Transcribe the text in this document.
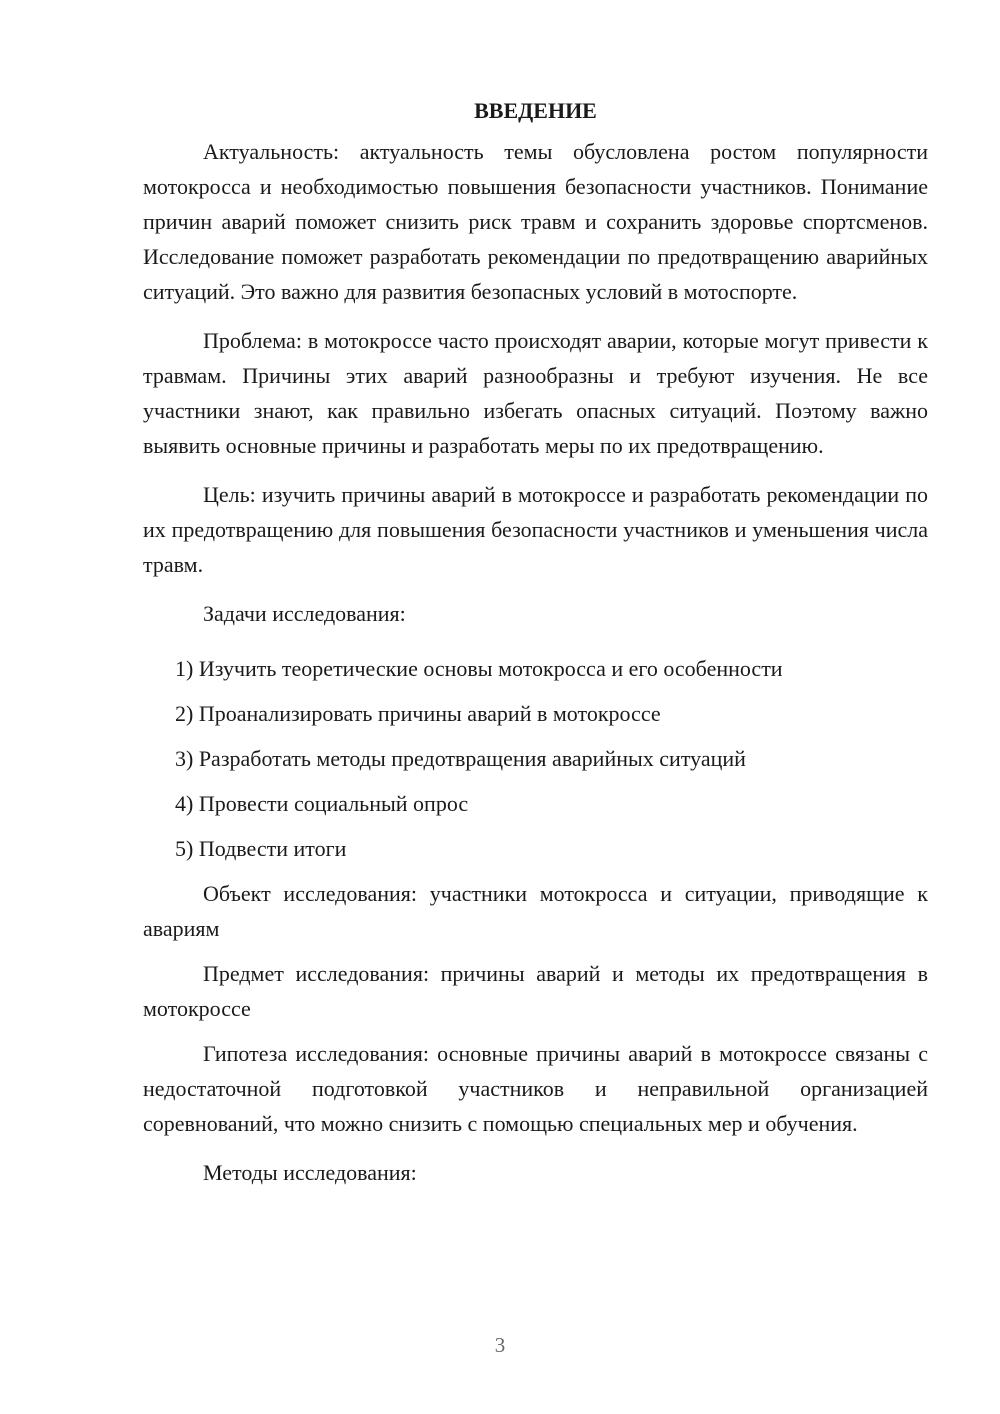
ВВЕДЕНИЕ

Актуальность: актуальность темы обусловлена ростом популярности мотокросса и необходимостью повышения безопасности участников. Понимание причин аварий поможет снизить риск травм и сохранить здоровье спортсменов. Исследование поможет разработать рекомендации по предотвращению аварийных ситуаций. Это важно для развития безопасных условий в мотоспорте.

Проблема: в мотокроссе часто происходят аварии, которые могут привести к травмам. Причины этих аварий разнообразны и требуют изучения. Не все участники знают, как правильно избегать опасных ситуаций. Поэтому важно выявить основные причины и разработать меры по их предотвращению.

Цель: изучить причины аварий в мотокроссе и разработать рекомендации по их предотвращению для повышения безопасности участников и уменьшения числа травм.

Задачи исследования:

1) Изучить теоретические основы мотокросса и его особенности
2) Проанализировать причины аварий в мотокроссе
3) Разработать методы предотвращения аварийных ситуаций
4) Провести социальный опрос
5) Подвести итоги

Объект исследования: участники мотокросса и ситуации, приводящие к авариям

Предмет исследования: причины аварий и методы их предотвращения в мотокроссе

Гипотеза исследования: основные причины аварий в мотокроссе связаны с недостаточной подготовкой участников и неправильной организацией соревнований, что можно снизить с помощью специальных мер и обучения.

Методы исследования:

3
